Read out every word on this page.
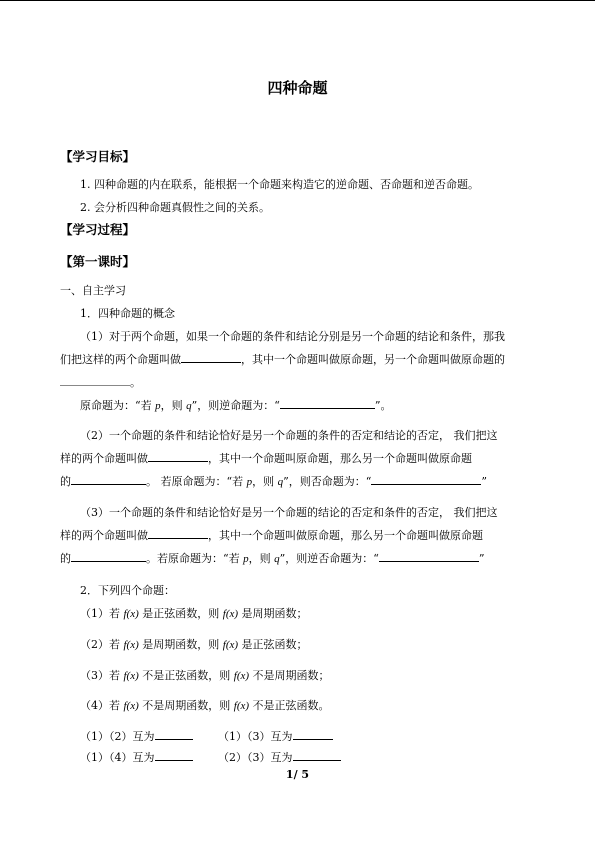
四种命题
【学习目标】
1. 四种命题的内在联系，能根据一个命题来构造它的逆命题、否命题和逆否命题。
2. 会分析四种命题真假性之间的关系。
【学习过程】
【第一课时】
一、自主学习
1．四种命题的概念
（1）对于两个命题，如果一个命题的条件和结论分别是另一个命题的结论和条件，那我
们把这样的两个命题叫做	，其中一个命题叫做原命题，另一个命题叫做原命题的
。
原命题为：“若 p，则 q”，则逆命题为：“	”。
（2）一个命题的条件和结论恰好是另一个命题的条件的否定和结论的否定， 我们把这
样的两个命题叫做	，其中一个命题叫原命题，那么另一个命题叫做原命题
的	。 若原命题为：“若 p，则 q”，则否命题为：“	”
（3）一个命题的条件和结论恰好是另一个命题的结论的否定和条件的否定， 我们把这
样的两个命题叫做	，其中一个命题叫做原命题，那么另一个命题叫做原命题
的	。若原命题为：“若 p，则 q”，则逆否命题为：“	”
2．下列四个命题：
（1）若 f(x) 是正弦函数，则 f(x) 是周期函数；
（2）若 f(x) 是周期函数，则 f(x) 是正弦函数；
（3）若 f(x) 不是正弦函数，则 f(x) 不是周期函数；
（4）若 f(x) 不是周期函数，则 f(x) 不是正弦函数。
（1）（2）互为	（1）（3）互为
（1）（4）互为	（2）（3）互为
1/ 5
